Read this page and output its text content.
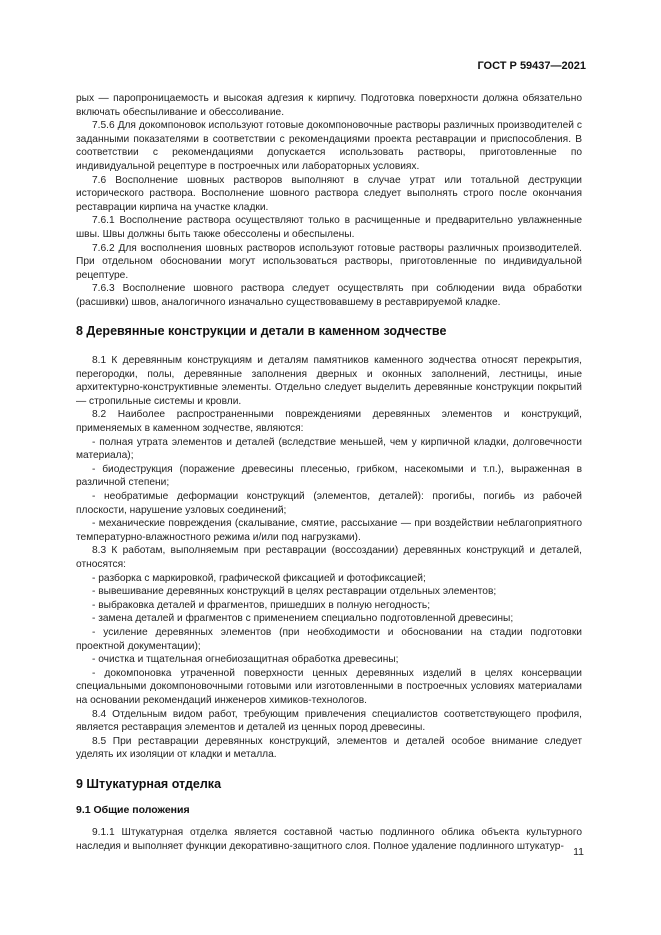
ГОСТ Р 59437—2021

рых — паропроницаемость и высокая адгезия к кирпичу. Подготовка поверхности должна обязательно включать обеспыливание и обессоливание.

7.5.6 Для докомпоновок используют готовые докомпоновочные растворы различных производителей с заданными показателями в соответствии с рекомендациями проекта реставрации и приспособления. В соответствии с рекомендациями допускается использовать растворы, приготовленные по индивидуальной рецептуре в построечных или лабораторных условиях.

7.6 Восполнение шовных растворов выполняют в случае утрат или тотальной деструкции исторического раствора. Восполнение шовного раствора следует выполнять строго после окончания реставрации кирпича на участке кладки.

7.6.1 Восполнение раствора осуществляют только в расчищенные и предварительно увлажненные швы. Швы должны быть также обессолены и обеспылены.

7.6.2 Для восполнения шовных растворов используют готовые растворы различных производителей. При отдельном обосновании могут использоваться растворы, приготовленные по индивидуальной рецептуре.

7.6.3 Восполнение шовного раствора следует осуществлять при соблюдении вида обработки (расшивки) швов, аналогичного изначально существовавшему в реставрируемой кладке.

8 Деревянные конструкции и детали в каменном зодчестве

8.1 К деревянным конструкциям и деталям памятников каменного зодчества относят перекрытия, перегородки, полы, деревянные заполнения дверных и оконных заполнений, лестницы, иные архитектурно-конструктивные элементы. Отдельно следует выделить деревянные конструкции покрытий — стропильные системы и кровли.

8.2 Наиболее распространенными повреждениями деревянных элементов и конструкций, применяемых в каменном зодчестве, являются:

- полная утрата элементов и деталей (вследствие меньшей, чем у кирпичной кладки, долговечности материала);

- биодеструкция (поражение древесины плесенью, грибком, насекомыми и т.п.), выраженная в различной степени;

- необратимые деформации конструкций (элементов, деталей): прогибы, погибь из рабочей плоскости, нарушение узловых соединений;

- механические повреждения (скалывание, смятие, рассыхание — при воздействии неблагоприятного температурно-влажностного режима и/или под нагрузками).

8.3 К работам, выполняемым при реставрации (воссоздании) деревянных конструкций и деталей, относятся:

- разборка с маркировкой, графической фиксацией и фотофиксацией;

- вывешивание деревянных конструкций в целях реставрации отдельных элементов;

- выбраковка деталей и фрагментов, пришедших в полную негодность;

- замена деталей и фрагментов с применением специально подготовленной древесины;

- усиление деревянных элементов (при необходимости и обосновании на стадии подготовки проектной документации);

- очистка и тщательная огнебиозащитная обработка древесины;

- докомпоновка утраченной поверхности ценных деревянных изделий в целях консервации специальными докомпоновочными готовыми или изготовленными в построечных условиях материалами на основании рекомендаций инженеров химиков-технологов.

8.4 Отдельным видом работ, требующим привлечения специалистов соответствующего профиля, является реставрация элементов и деталей из ценных пород древесины.

8.5 При реставрации деревянных конструкций, элементов и деталей особое внимание следует уделять их изоляции от кладки и металла.

9 Штукатурная отделка
9.1 Общие положения

9.1.1 Штукатурная отделка является составной частью подлинного облика объекта культурного наследия и выполняет функции декоративно-защитного слоя. Полное удаление подлинного штукатур- 11
